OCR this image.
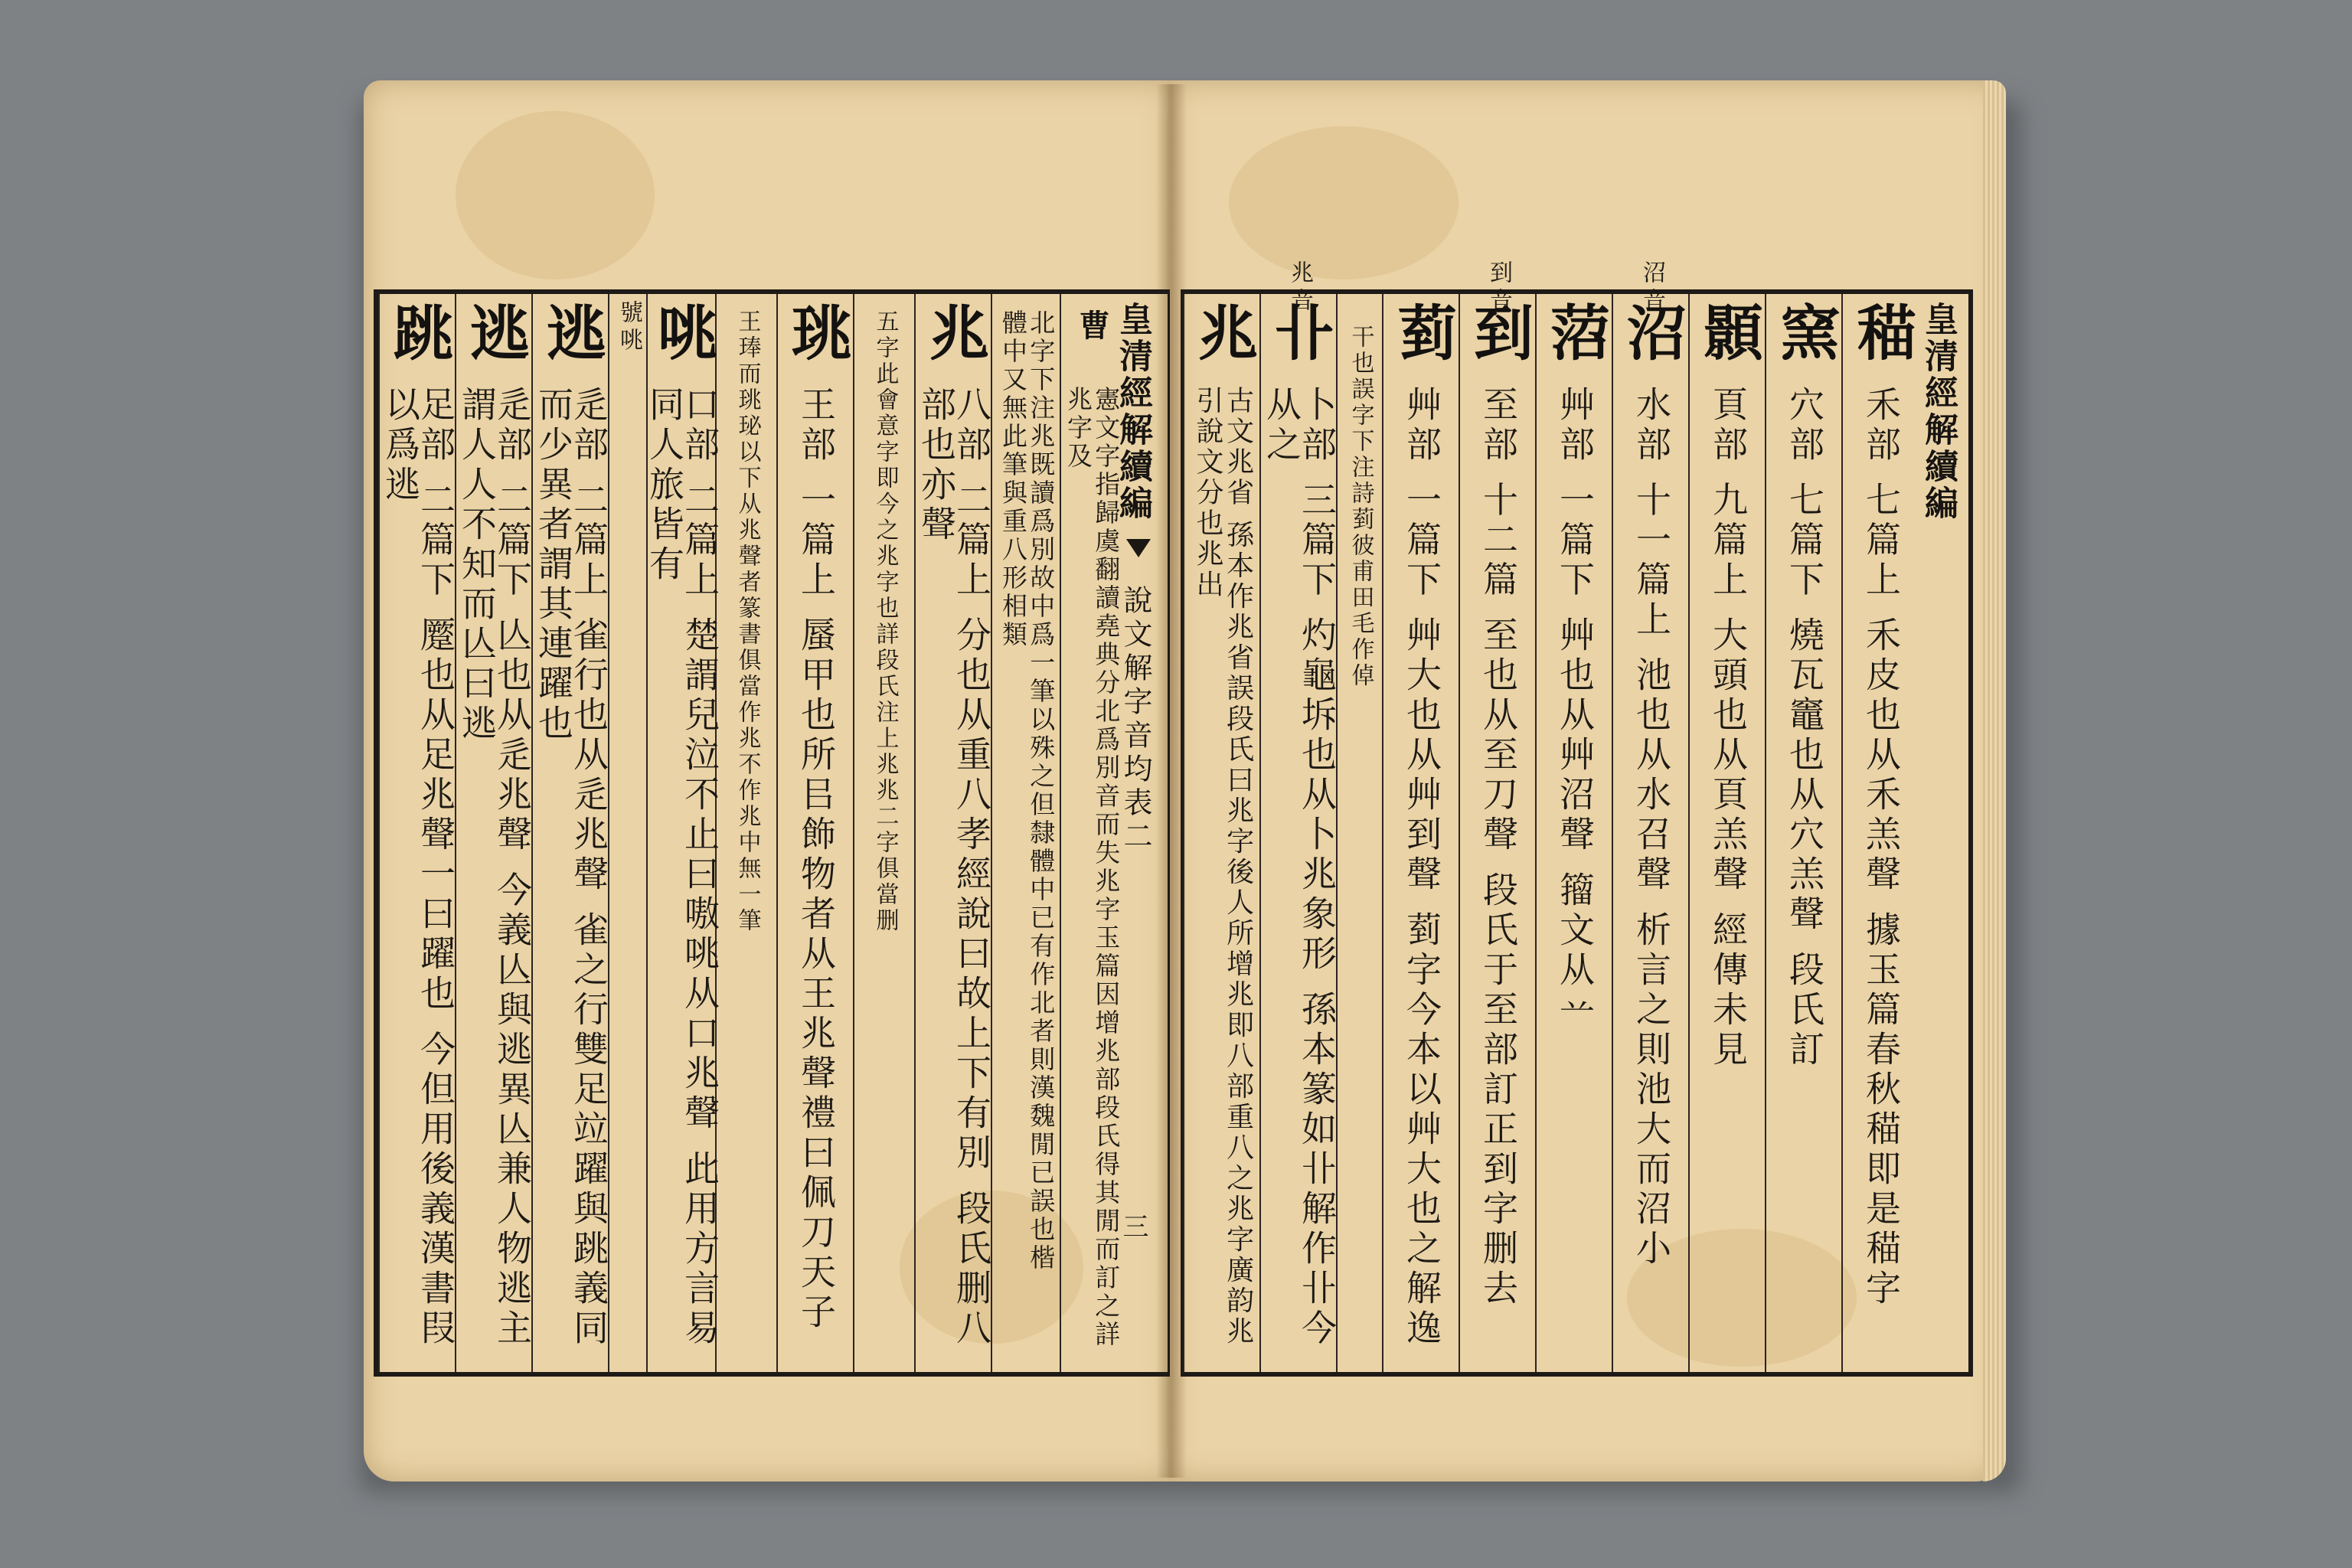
皇清經解續編
說文解字音均表二
三
憲文字指歸虞翻讀堯典分北爲別音而失兆字玉篇因增兆部段氏得其閒而訂之詳兆字及
曹
北字下注兆既讀爲別故中爲一筆以殊之但隸體中已有作北者則漢魏閒已誤也楷體中又無此筆與重八形相類
兆
八部 二篇上 分也从重八孝經說曰故上下有別 段氏删八部也亦聲
五字此會意字即今之兆字也詳段氏注上兆兆二字俱當删
珧
王部 一篇上 蜃甲也所㠯飾物者从王兆聲禮曰佩刀天子
王琫而珧珌以下从兆聲者篆書俱當作兆不作兆中無一筆
咷
口部 二篇上 楚謂兒泣不止曰嗷咷从口兆聲 此用方言易同人旅皆有
號咷
逃
辵部 二篇上 雀行也从辵兆聲 雀之行雙足竝躍與跳義同而少異者謂其連躍也
逃
辵部 二篇下 亾也从辵兆聲 今義亾與逃異亾兼人物逃主謂人人不知而亾曰逃
跳
足部 二篇下 蹷也从足兆聲一曰躍也 今但用後義漢書叚以爲逃	皇清經解續編
䅦
禾部 七篇上 禾皮也从禾羔聲 據玉篇春秋䅦即是䅦字
窯
穴部 七篇下 燒瓦竈也从穴羔聲 段氏訂
顥
頁部 九篇上 大頭也从頁羔聲 經傳未見
沼音
沼
水部 十一篇上 池也从水召聲 析言之則池大而沼小
菬
艸部 一篇下 艸也从艸沼聲 籀文从䒑
到音
到
至部 十二篇 至也从至刀聲 段氏于至部訂正到字删去
菿
艸部 一篇下 艸大也从艸到聲 菿字今本以艸大也之解逸
干也誤字下注詩菿彼甫田毛作倬
兆音
卝
卜部 三篇下 灼龜坼也从卜兆象形 孫本篆如卝解作卝今从之
兆
古文兆省 孫本作兆省誤段氏曰兆字後人所增兆即八部重八之兆字廣韵兆引說文分也兆出
